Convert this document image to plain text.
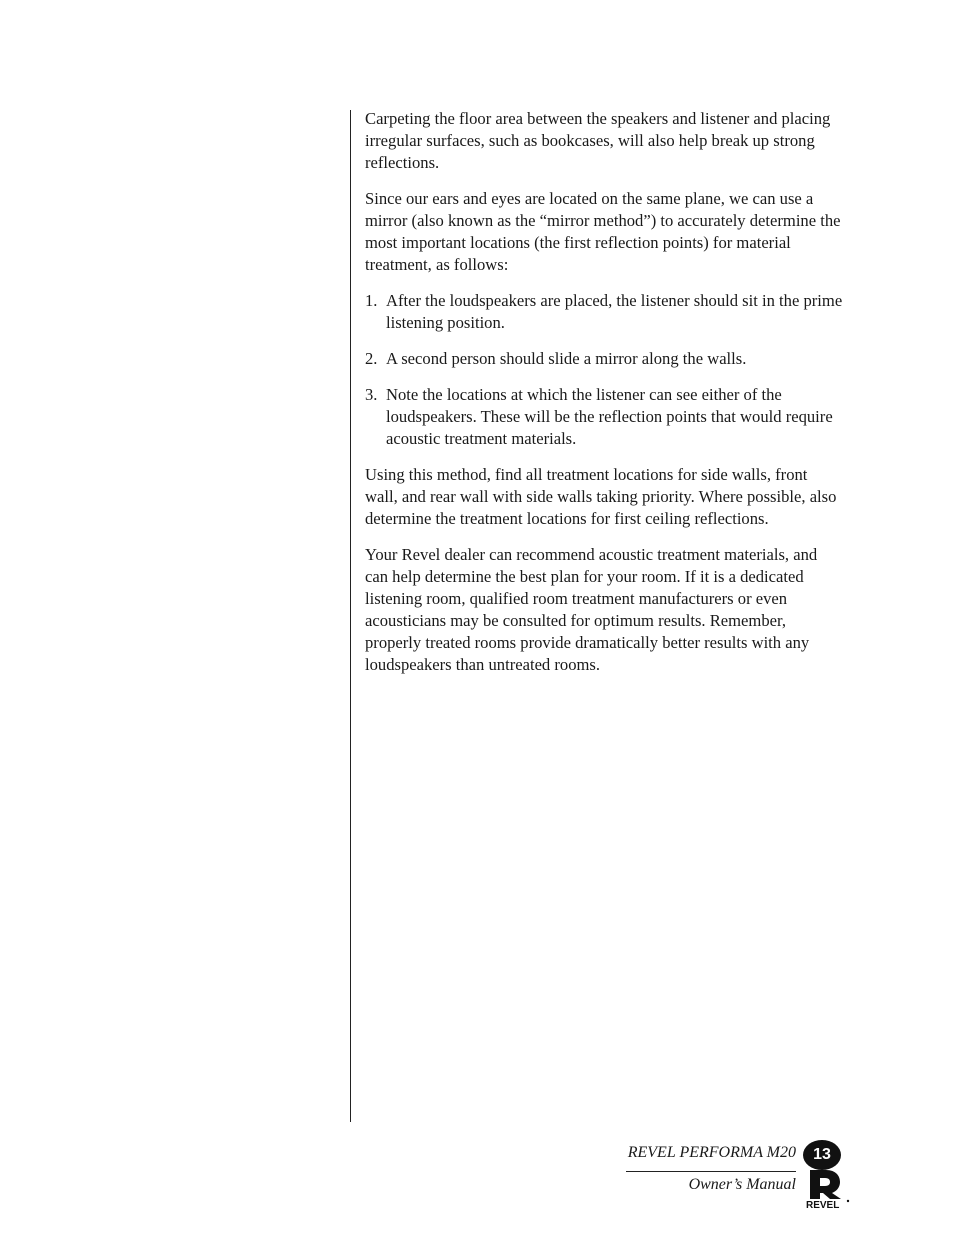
Carpeting the floor area between the speakers and listener and placing irregular surfaces, such as bookcases, will also help break up strong reflections.

Since our ears and eyes are located on the same plane, we can use a mirror (also known as the “mirror method”) to accurately determine the most important locations (the first reflection points) for material treatment, as follows:

1. After the loudspeakers are placed, the listener should sit in the prime listening position.
2. A second person should slide a mirror along the walls.
3. Note the locations at which the listener can see either of the loudspeakers. These will be the reflection points that would require acoustic treatment materials.

Using this method, find all treatment locations for side walls, front wall, and rear wall with side walls taking priority. Where possible, also determine the treatment locations for first ceiling reflections.

Your Revel dealer can recommend acoustic treatment materials, and can help determine the best plan for your room. If it is a dedicated listening room, qualified room treatment manufacturers or even acousticians may be consulted for optimum results. Remember, properly treated rooms provide dramatically better results with any loudspeakers than untreated rooms.

REVEL PERFORMA M20
Owner’s Manual
13
REVEL
